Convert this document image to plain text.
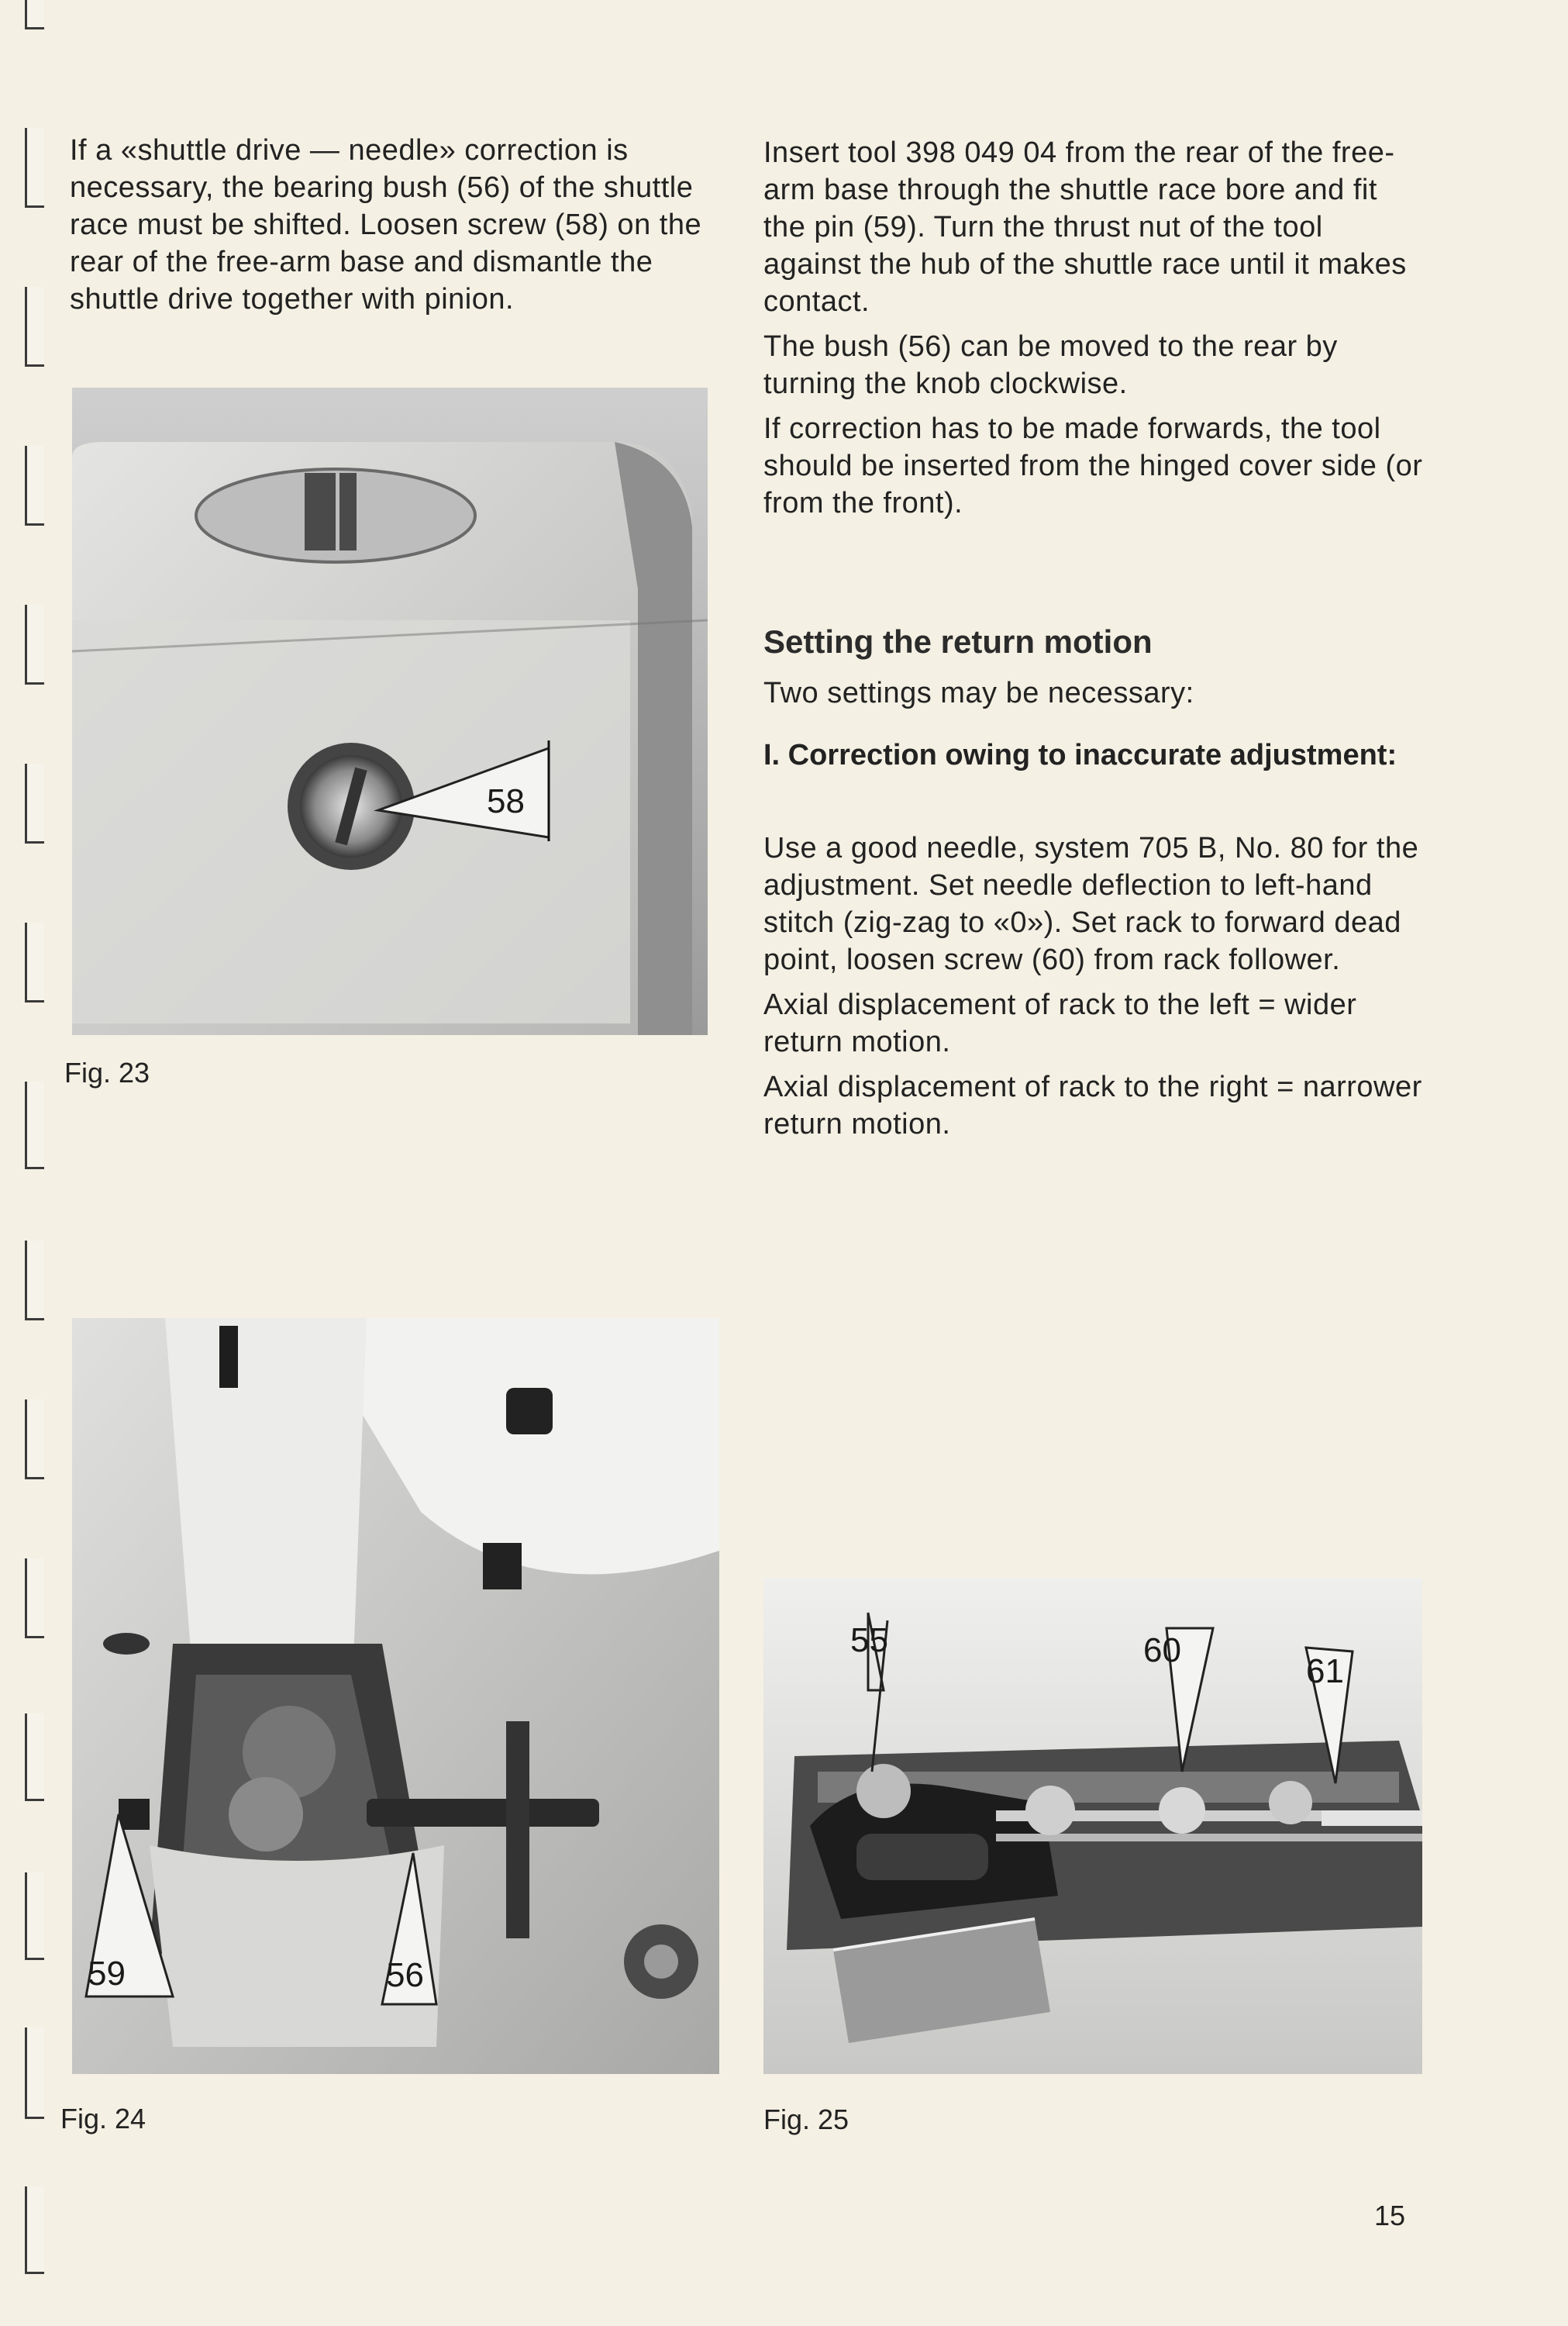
If a «shuttle drive — needle» correction is necessary, the bearing bush (56) of the shuttle race must be shifted. Loosen screw (58) on the rear of the free-arm base and dismantle the shuttle drive together with pinion.

Insert tool 398 049 04 from the rear of the free-arm base through the shuttle race bore and fit the pin (59). Turn the thrust nut of the tool against the hub of the shuttle race until it makes contact.

The bush (56) can be moved to the rear by turning the knob clockwise.

If correction has to be made forwards, the tool should be inserted from the hinged cover side (or from the front).

Setting the return motion

Two settings may be necessary:

I. Correction owing to inaccurate adjustment:

Use a good needle, system 705 B, No. 80 for the adjustment. Set needle deflection to left-hand stitch (zig-zag to «0»). Set rack to forward dead point, loosen screw (60) from rack follower.

Axial displacement of rack to the left = wider return motion.

Axial displacement of rack to the right = narrower return motion.

58
Fig. 23
59	56
Fig. 24
55	60
61
Fig. 25
15
